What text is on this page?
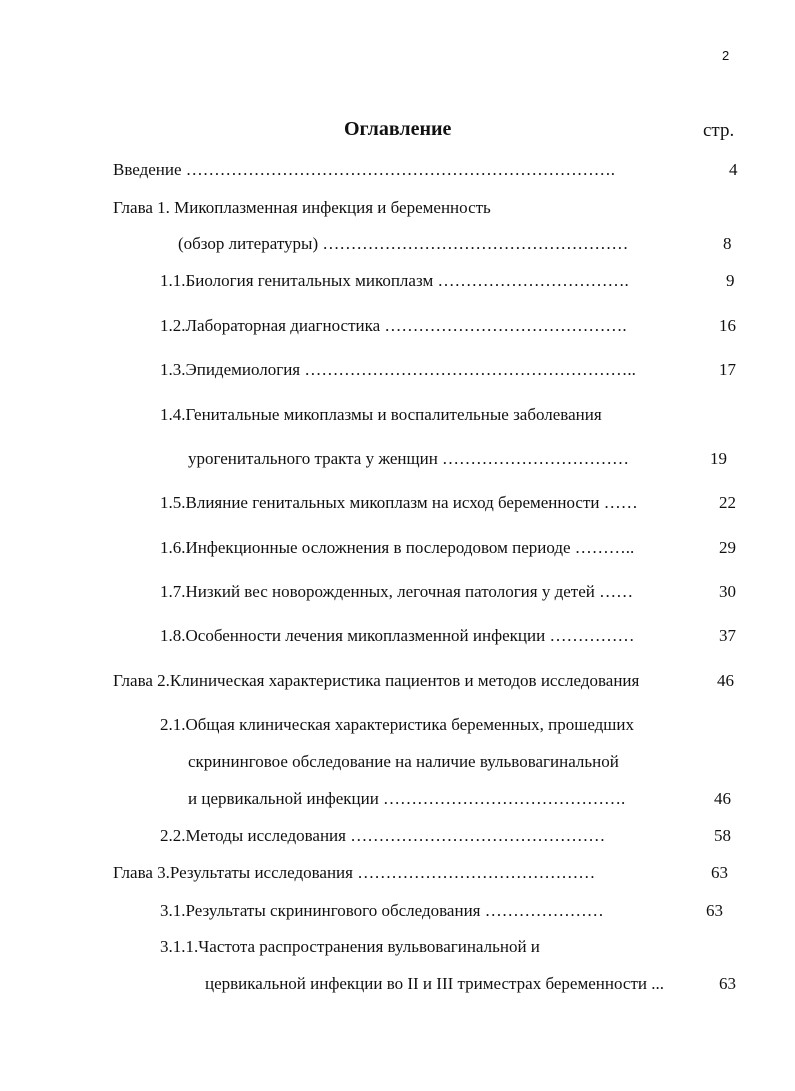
2
Оглавление	стр.
Введение ………………………………………………………………….	4
Глава 1. Микоплазменная инфекция и беременность
(обзор литературы) ………………………………………………	8
1.1.Биология генитальных микоплазм …………………………….	9
1.2.Лабораторная диагностика …………………………………….	16
1.3.Эпидемиология …………………………………………………..	17
1.4.Генитальные микоплазмы и воспалительные заболевания
урогенитального тракта у женщин ……………………………	19
1.5.Влияние генитальных микоплазм на исход беременности ……	22
1.6.Инфекционные осложнения в послеродовом периоде ………..	29
1.7.Низкий вес новорожденных, легочная патология у детей ……	30
1.8.Особенности лечения микоплазменной инфекции ……………	37
Глава 2.Клиническая характеристика пациентов и методов исследования	46
2.1.Общая клиническая характеристика беременных, прошедших
скрининговое обследование на наличие вульвовагинальной
и цервикальной инфекции …………………………………….	46
2.2.Методы исследования ………………………………………	58
Глава 3.Результаты исследования ……………………………………	63
3.1.Результаты скринингового обследования …………………	63
3.1.1.Частота распространения вульвовагинальной и
цервикальной инфекции во II и III триместрах беременности ...	63
